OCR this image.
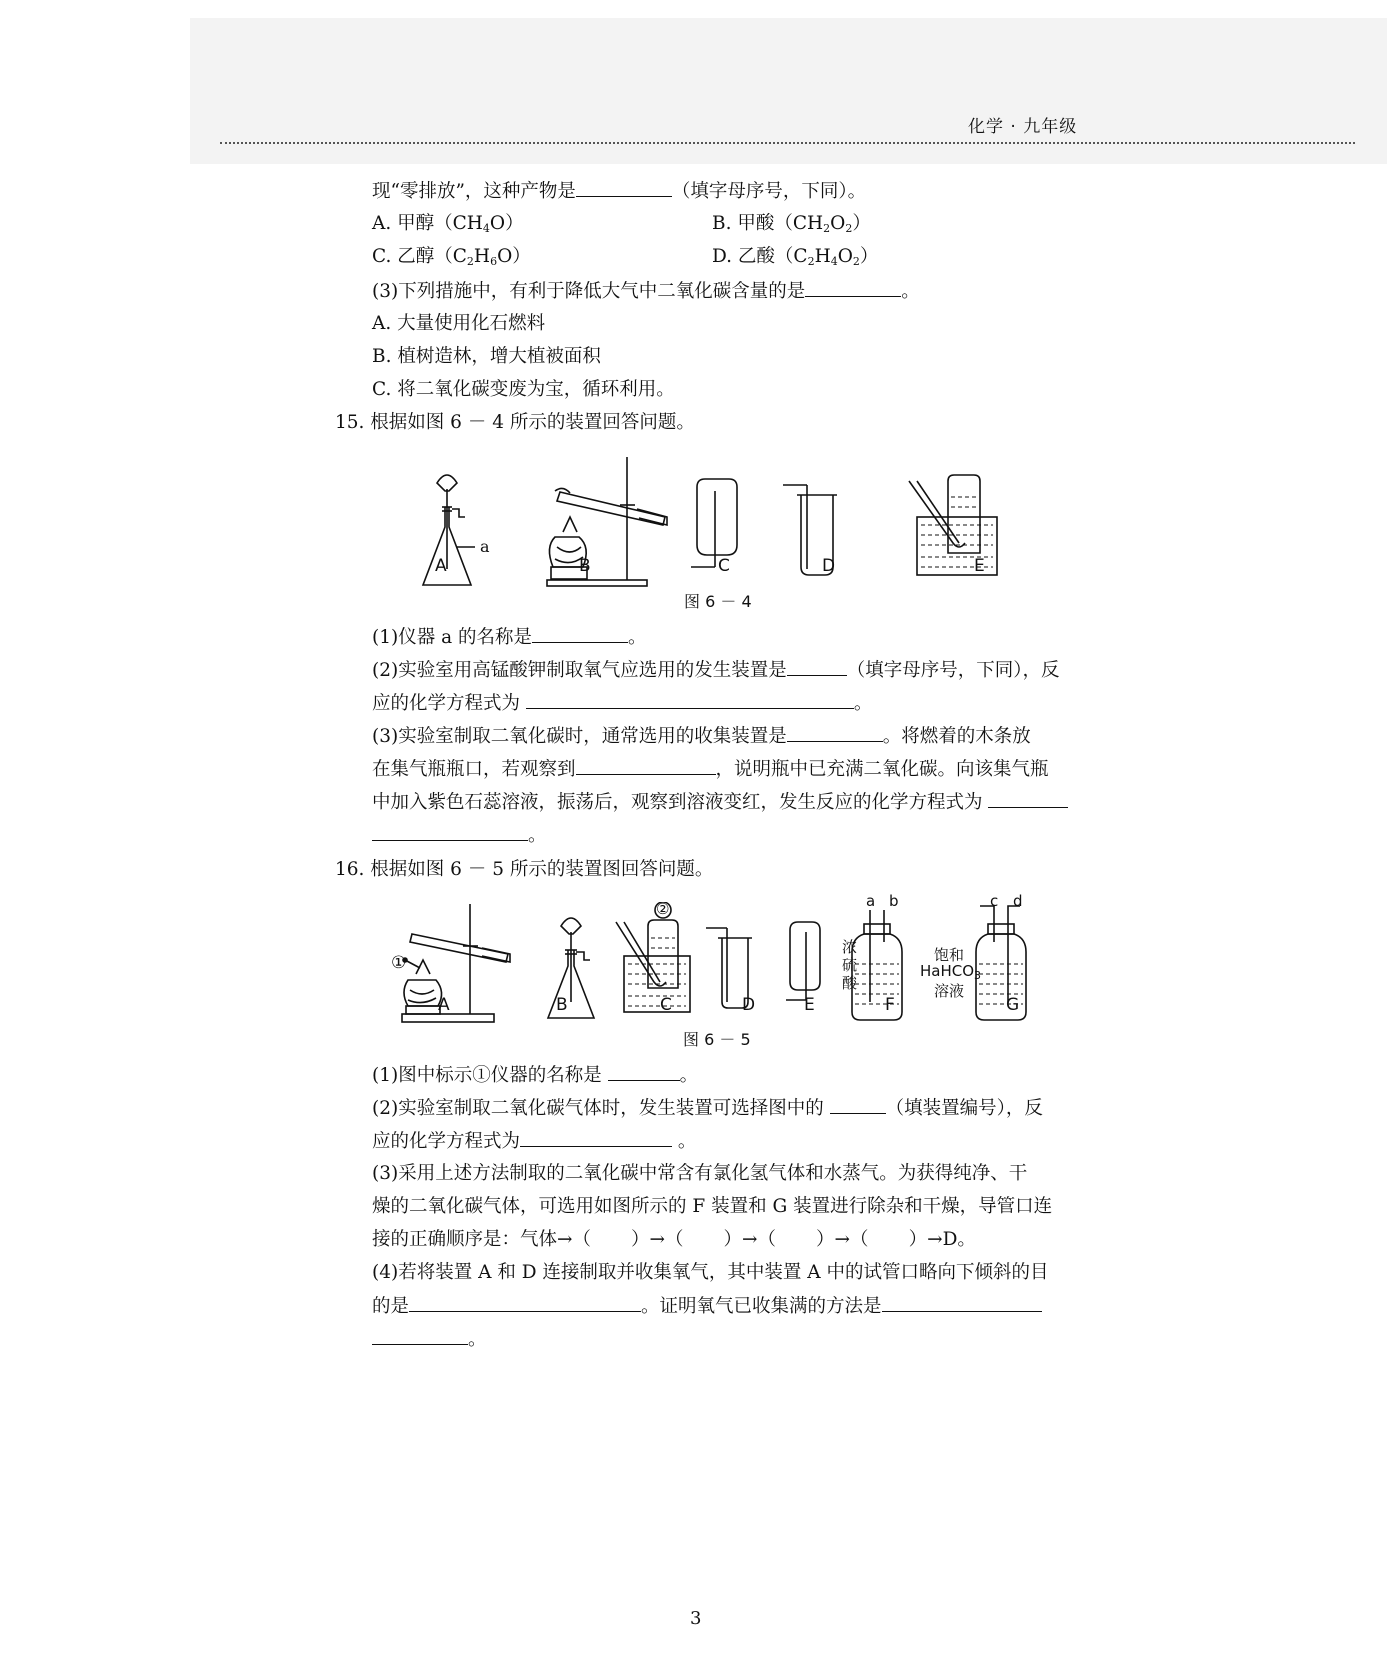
化学 · 九年级
现“零排放”，这种产物是	（填字母序号，下同）。
A. 甲醇$(CH_4O)$	B. 甲酸$(CH_2O_2)$
C. 乙醇$(C_2H_6O)$	D. 乙酸$(C_2H_4O_2)$
(3)下列措施中，有利于降低大气中二氧化碳含量的是	。
A. 大量使用化石燃料
B. 植树造林，增大植被面积
C. 将二氧化碳变废为宝，循环利用。
15. 根据如图 6 － 4 所示的装置回答问题。
a
A	B	C	D	E
图 6 － 4
(1)仪器 a 的名称是	。
(2)实验室用高锰酸钾制取氧气应选用的发生装置是	（填字母序号，下同），反
应的化学方程式为	。
(3)实验室制取二氧化碳时，通常选用的收集装置是	。将燃着的木条放
在集气瓶瓶口，若观察到	，说明瓶中已充满二氧化碳。向该集气瓶
中加入紫色石蕊溶液，振荡后，观察到溶液变红，发生反应的化学方程式为
。
16. 根据如图 6 － 5 所示的装置图回答问题。
①
②	a b	c d
浓
硫
酸
饱和
HaHCO$_3$
溶液
A	B	C	D	E	F	G
图 6 － 5
(1)图中标示①仪器的名称是	。
(2)实验室制取二氧化碳气体时，发生装置可选择图中的	（填装置编号），反
应的化学方程式为	。
(3)采用上述方法制取的二氧化碳中常含有氯化氢气体和水蒸气。为获得纯净、干
燥的二氧化碳气体，可选用如图所示的 F 装置和 G 装置进行除杂和干燥，导管口连
接的正确顺序是：气体→（ ）→（ ）→（ ）→（ ）→D。
(4)若将装置 A 和 D 连接制取并收集氧气，其中装置 A 中的试管口略向下倾斜的目
的是	。证明氧气已收集满的方法是
。
3
